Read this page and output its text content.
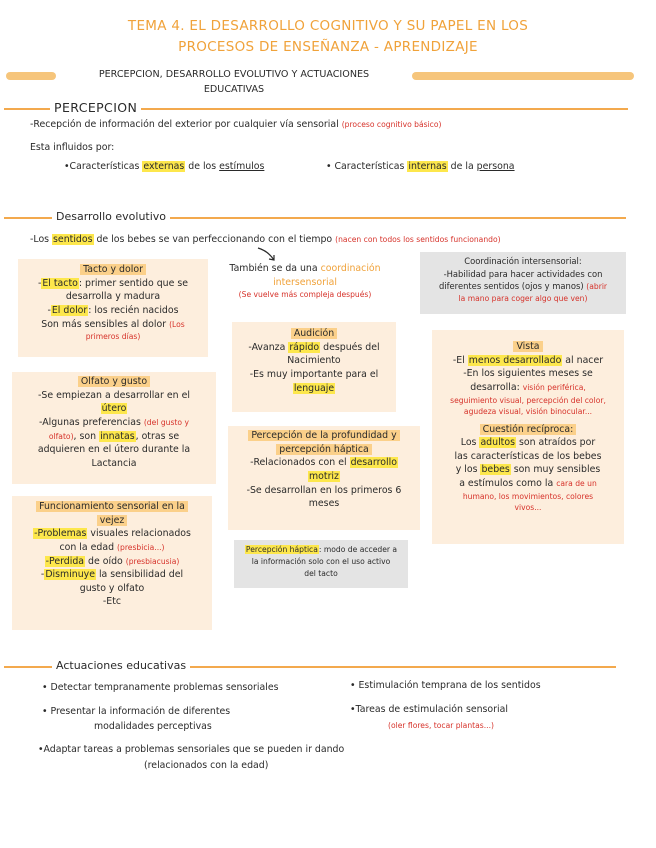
TEMA 4. EL DESARROLLO COGNITIVO Y SU PAPEL EN LOS
PROCESOS DE ENSEÑANZA - APRENDIZAJE
PERCEPCION, DESARROLLO EVOLUTIVO Y ACTUACIONES
EDUCATIVAS
PERCEPCION
-Recepción de información del exterior por cualquier vía sensorial (proceso cognitivo básico)
Esta influidos por:
•Características externas de los estímulos	• Características internas de la persona
Desarrollo evolutivo
-Los sentidos de los bebes se van perfeccionando con el tiempo (nacen con todos los sentidos funcionando)
Tacto y dolor
-El tacto: primer sentido que se
desarrolla y madura
-El dolor: los recién nacidos
Son más sensibles al dolor (Los
primeros días)
También se da una coordinación
intersensorial
(Se vuelve más compleja después)
Coordinación intersensorial:
-Habilidad para hacer actividades con
diferentes sentidos (ojos y manos) (abrir
la mano para coger algo que ven)
Audición
-Avanza rápido después del
Nacimiento
-Es muy importante para el
lenguaje
Vista
-El menos desarrollado al nacer
-En los siguientes meses se
desarrolla: visión periférica,
seguimiento visual, percepción del color,
agudeza visual, visión binocular...
Cuestión recíproca:
Los adultos son atraídos por
las características de los bebes
y los bebes son muy sensibles
a estímulos como la cara de un
humano, los movimientos, colores
vivos...
Olfato y gusto
-Se empiezan a desarrollar en el
útero
-Algunas preferencias (del gusto y
olfato), son innatas, otras se
adquieren en el útero durante la
Lactancia
Percepción de la profundidad y
percepción háptica
-Relacionados con el desarrollo
motriz
-Se desarrollan en los primeros 6
meses
Percepción háptica: modo de acceder a
la información solo con el uso activo
del tacto
Funcionamiento sensorial en la
vejez
-Problemas visuales relacionados
con la edad (presbicia...)
-Perdida de oído (presbiacusia)
-Disminuye la sensibilidad del
gusto y olfato
-Etc
Actuaciones educativas
• Detectar tempranamente problemas sensoriales
• Presentar la información de diferentes
modalidades perceptivas
•Adaptar tareas a problemas sensoriales que se pueden ir dando
(relacionados con la edad)
• Estimulación temprana de los sentidos
•Tareas de estimulación sensorial
(oler flores, tocar plantas...)
